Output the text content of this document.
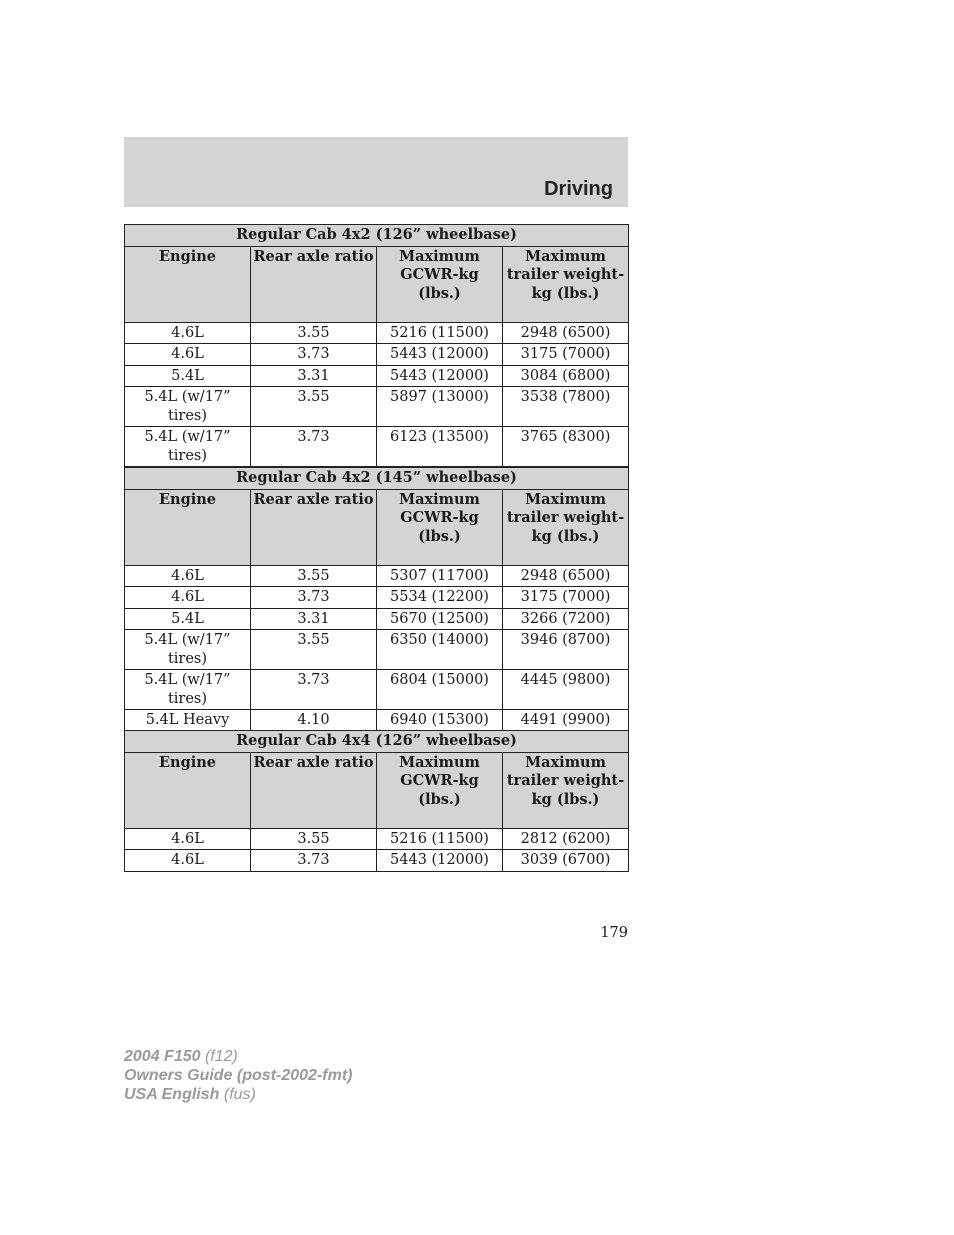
Driving
Regular Cab 4x2 (126” wheelbase)			
Engine	Rear axle ratio	Maximum GCWR-kg (lbs.)	Maximum trailer weight-kg (lbs.)
4.6L	3.55	5216 (11500)	2948 (6500)
4.6L	3.73	5443 (12000)	3175 (7000)
5.4L	3.31	5443 (12000)	3084 (6800)
5.4L (w/17” tires)	3.55	5897 (13000)	3538 (7800)
5.4L (w/17” tires)	3.73	6123 (13500)	3765 (8300)
Regular Cab 4x2 (145” wheelbase)			
Engine	Rear axle ratio	Maximum GCWR-kg (lbs.)	Maximum trailer weight-kg (lbs.)
4.6L	3.55	5307 (11700)	2948 (6500)
4.6L	3.73	5534 (12200)	3175 (7000)
5.4L	3.31	5670 (12500)	3266 (7200)
5.4L (w/17” tires)	3.55	6350 (14000)	3946 (8700)
5.4L (w/17” tires)	3.73	6804 (15000)	4445 (9800)
5.4L Heavy	4.10	6940 (15300)	4491 (9900)
Regular Cab 4x4 (126” wheelbase)			
Engine	Rear axle ratio	Maximum GCWR-kg (lbs.)	Maximum trailer weight-kg (lbs.)
4.6L	3.55	5216 (11500)	2812 (6200)
4.6L	3.73	5443 (12000)	3039 (6700)
179
2004 F150 (f12)
Owners Guide (post-2002-fmt)
USA English (fus)
